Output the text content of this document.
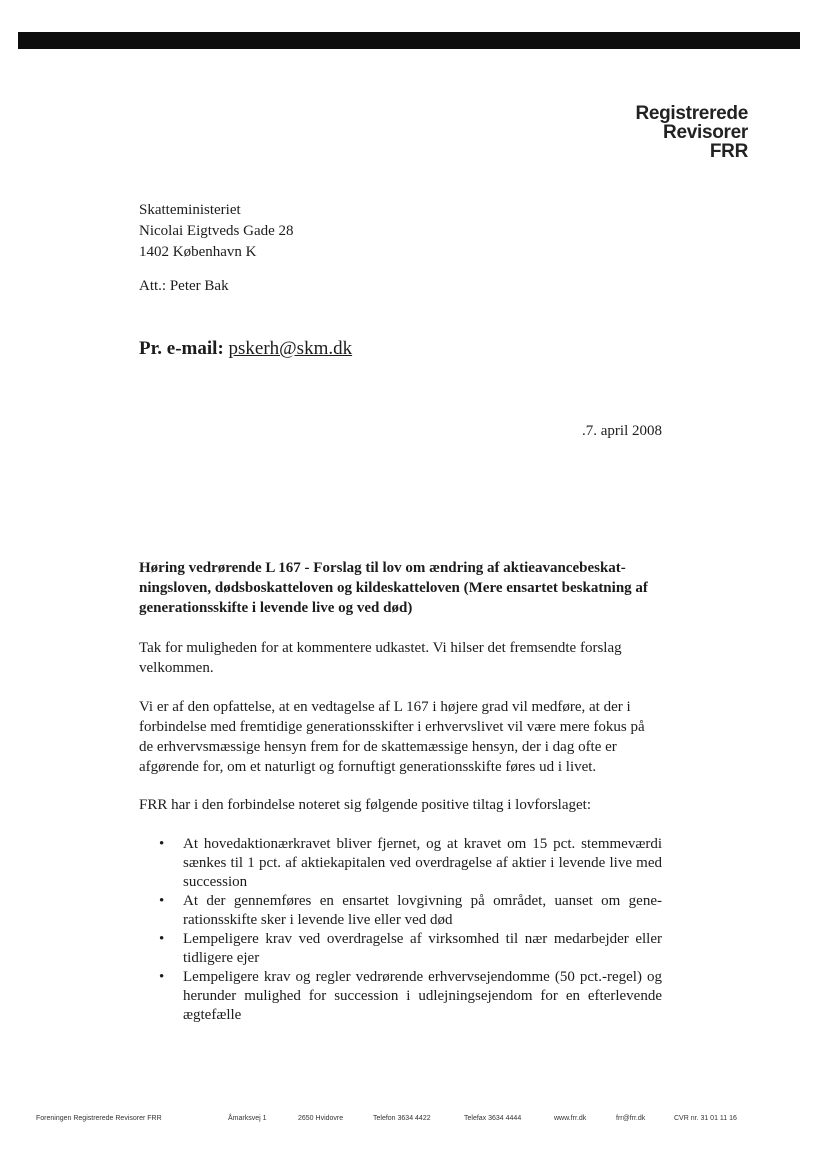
Registrerede
Revisorer
FRR
Skatteministeriet
Nicolai Eigtveds Gade 28
1402 København K
Att.: Peter Bak
Pr. e-mail: pskerh@skm.dk
.7. april 2008
Høring vedrørende L 167 - Forslag til lov om ændring af aktieavancebeskatningsloven, dødsboskatteloven og kildeskatteloven (Mere ensartet beskatning af generationsskifte i levende live og ved død)
Tak for muligheden for at kommentere udkastet. Vi hilser det fremsendte forslag velkommen.
Vi er af den opfattelse, at en vedtagelse af L 167 i højere grad vil medføre, at der i forbindelse med fremtidige generationsskifter i erhvervslivet vil være mere fokus på de erhvervsmæssige hensyn frem for de skattemæssige hensyn, der i dag ofte er afgørende for, om et naturligt og fornuftigt generationsskifte føres ud i livet.
FRR har i den forbindelse noteret sig følgende positive tiltag i lovforslaget:
• At hovedaktionærkravet bliver fjernet, og at kravet om 15 pct. stemmeværdi sænkes til 1 pct. af aktiekapitalen ved overdragelse af aktier i levende live med succession
• At der gennemføres en ensartet lovgivning på området, uanset om generationsskifte sker i levende live eller ved død
• Lempeligere krav ved overdragelse af virksomhed til nær medarbejder eller tidligere ejer
• Lempeligere krav og regler vedrørende erhvervsejendomme (50 pct.-regel) og herunder mulighed for succession i udlejningsejendom for en efterlevende ægtefælle
Foreningen Registrerede Revisorer FRR	Åmarksvej 1	2650 Hvidovre	Telefon 3634 4422	Telefax 3634 4444	www.frr.dk	frr@frr.dk	CVR nr. 31 01 11 16
